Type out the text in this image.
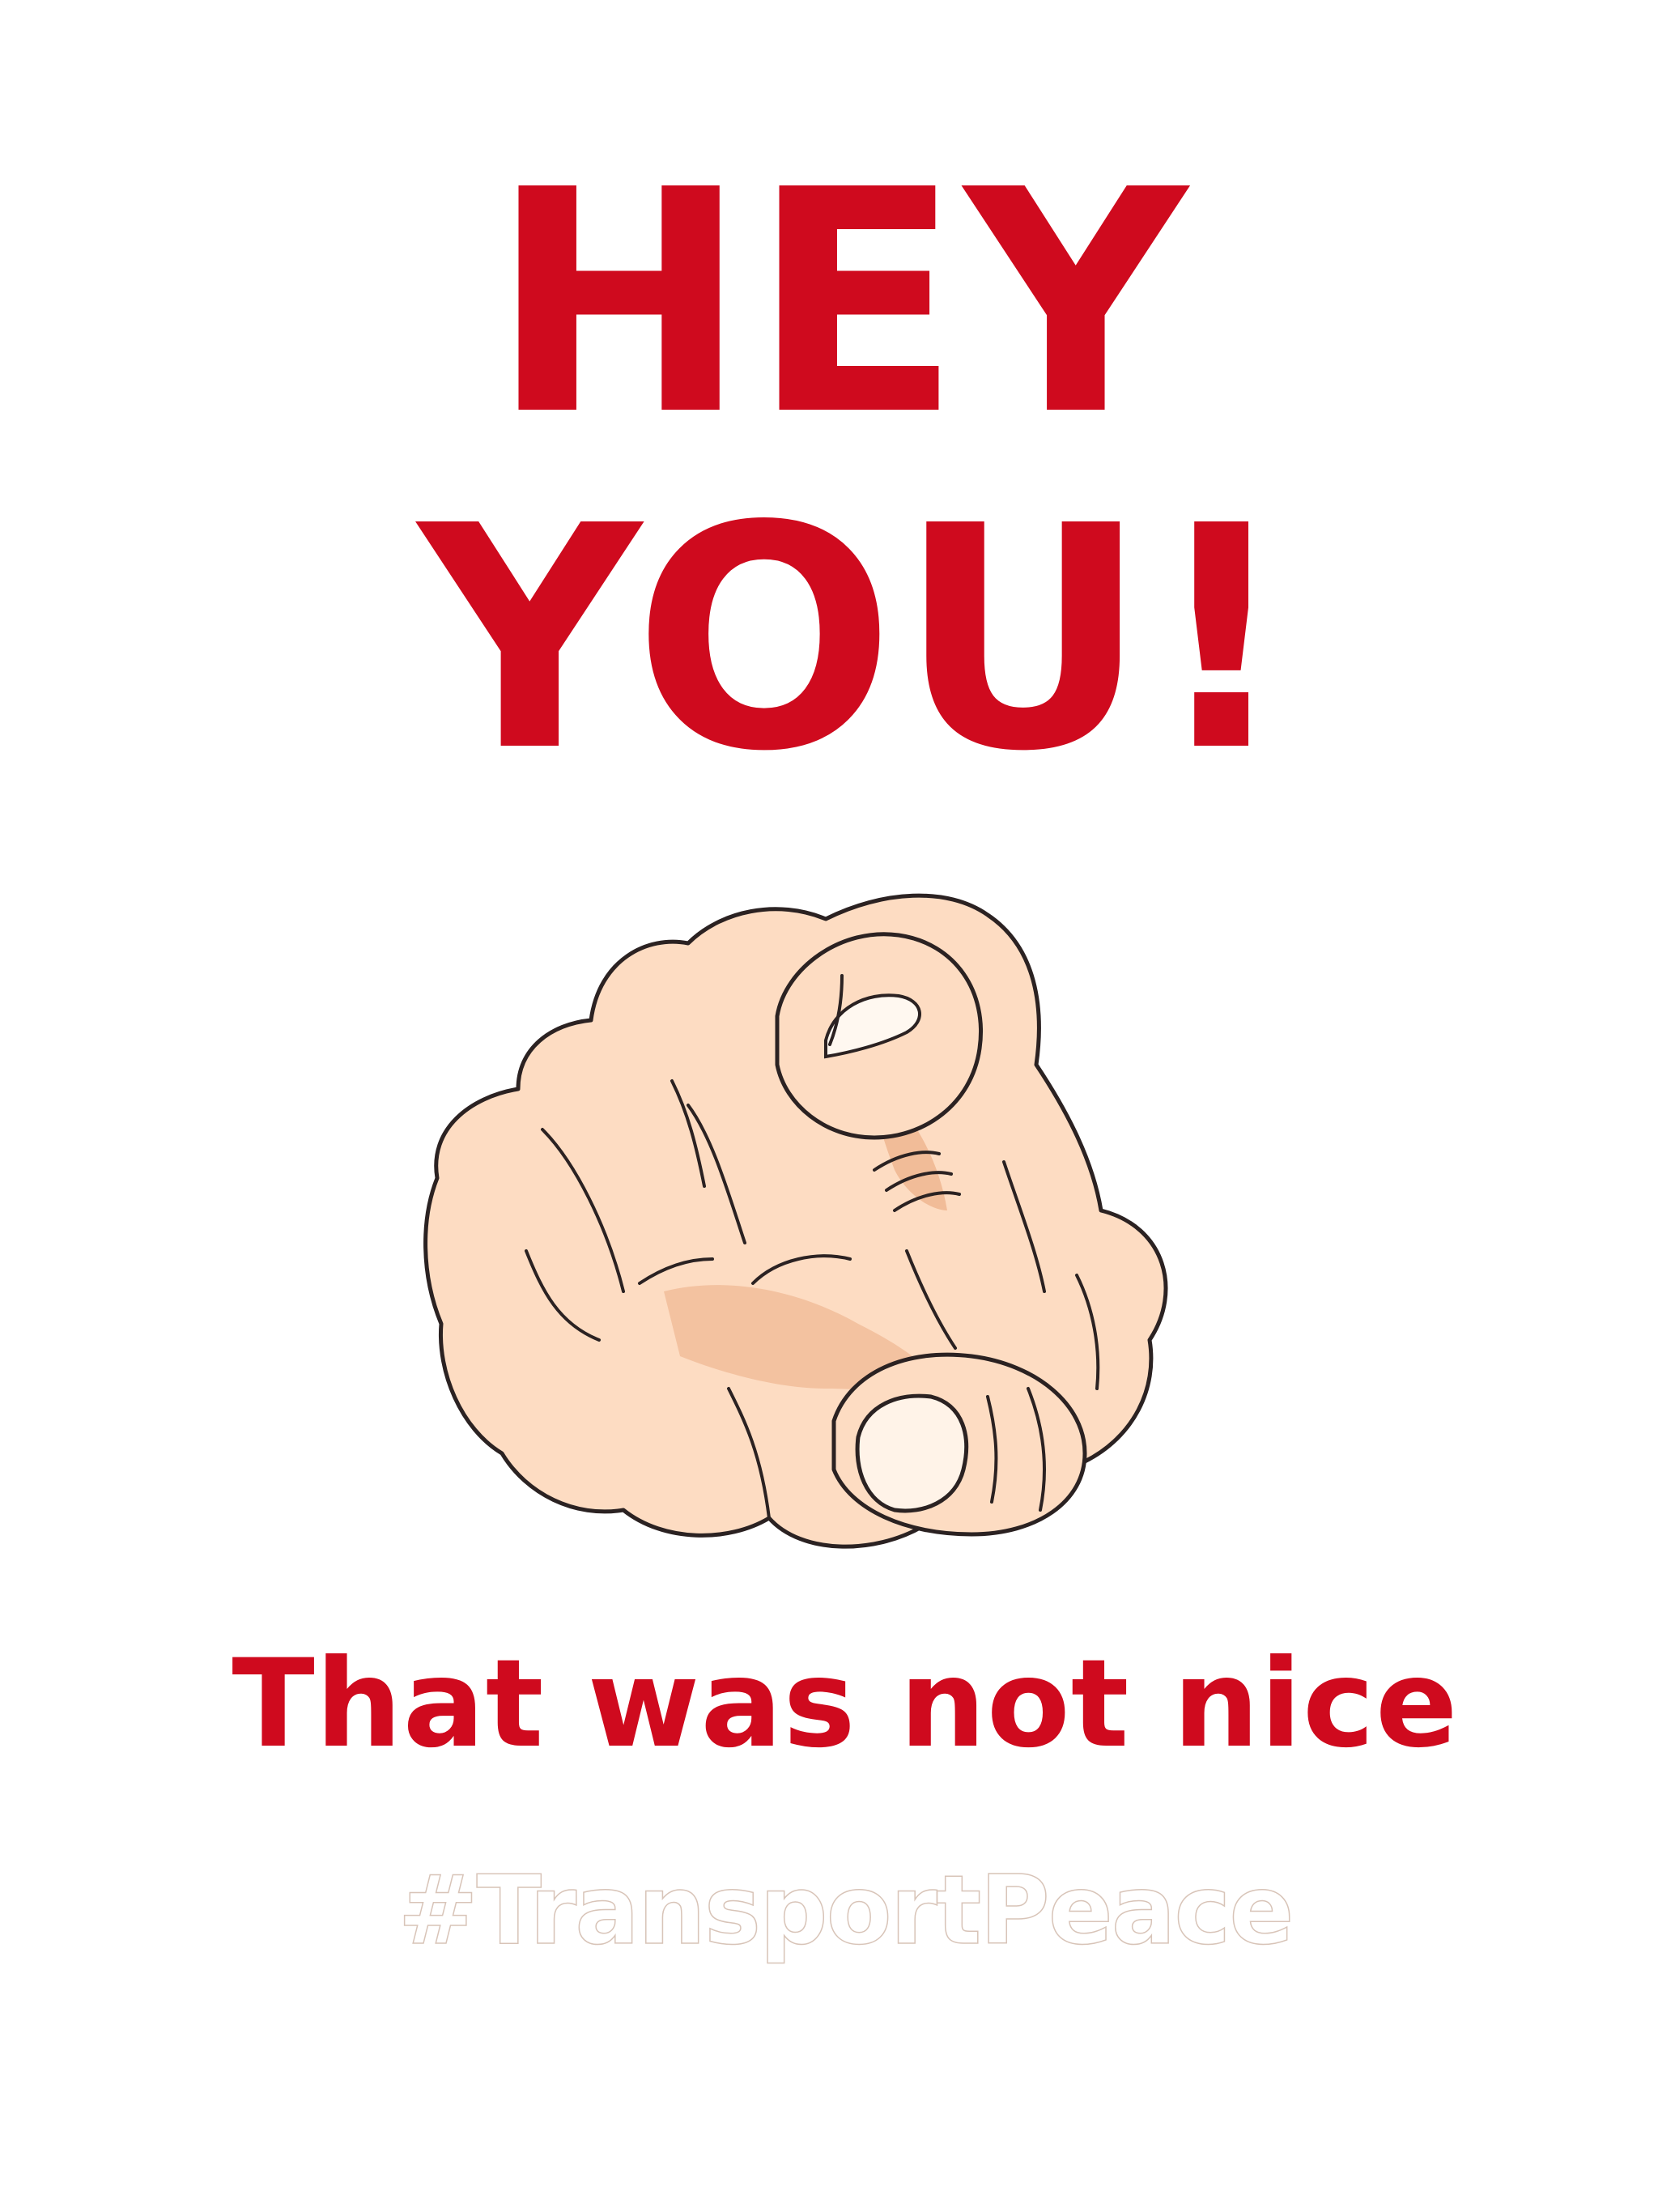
HEY
YOU!

That was not nice

#TransportPeace
